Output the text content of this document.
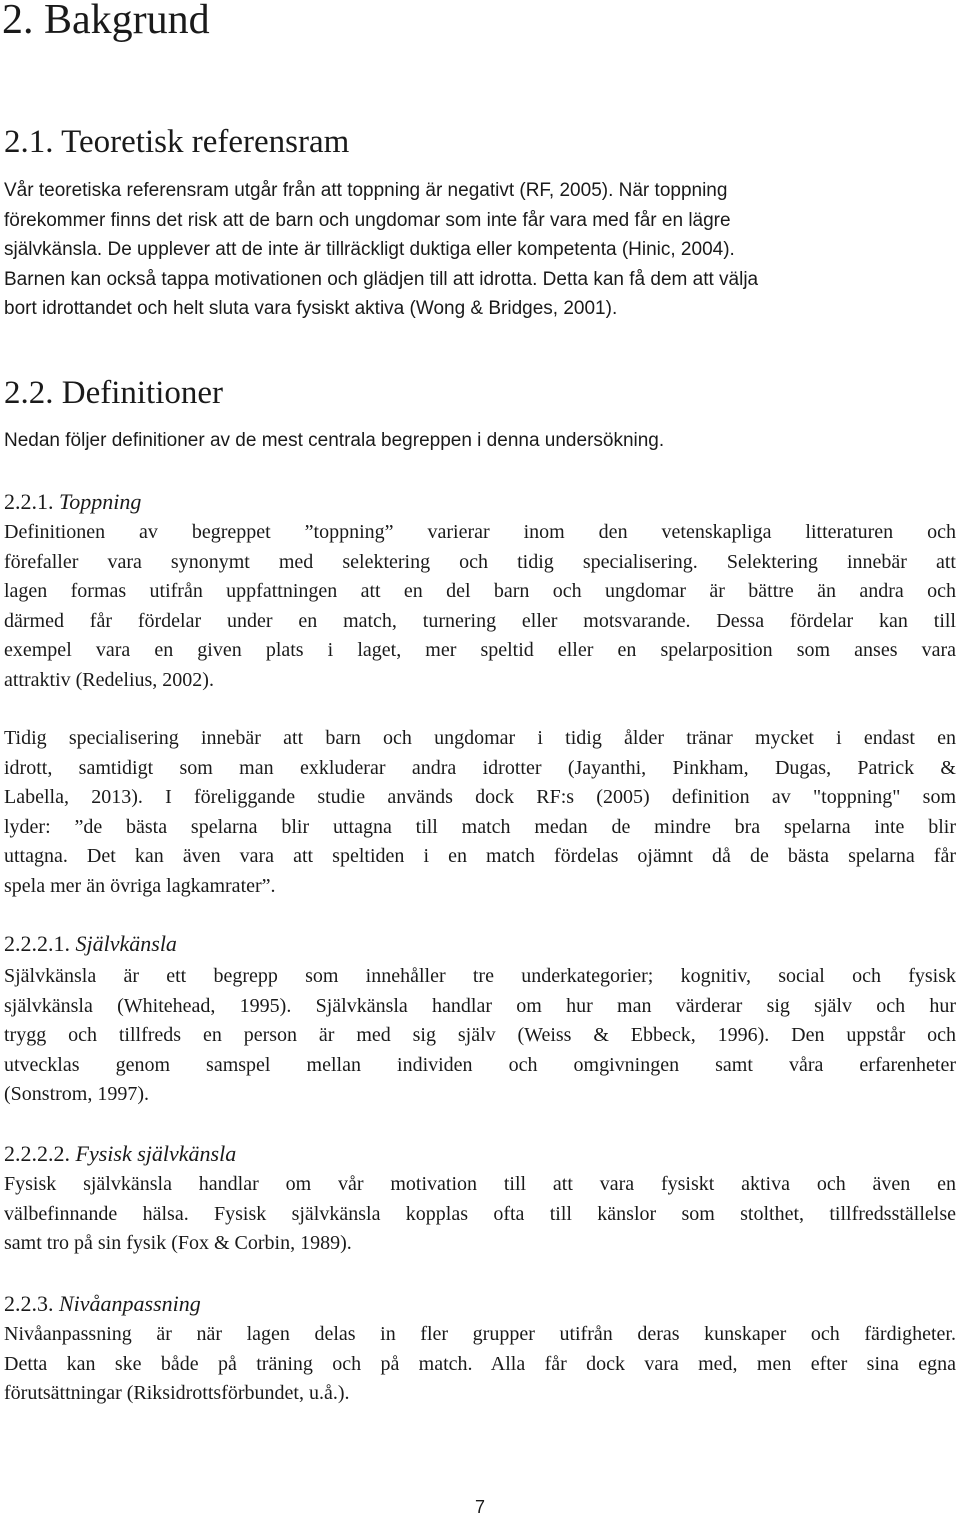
2. Bakgrund
2.1. Teoretisk referensram
Vår teoretiska referensram utgår från att toppning är negativt (RF, 2005). När toppning
förekommer finns det risk att de barn och ungdomar som inte får vara med får en lägre
självkänsla. De upplever att de inte är tillräckligt duktiga eller kompetenta (Hinic, 2004).
Barnen kan också tappa motivationen och glädjen till att idrotta. Detta kan få dem att välja
bort idrottandet och helt sluta vara fysiskt aktiva (Wong & Bridges, 2001).
2.2. Definitioner
Nedan följer definitioner av de mest centrala begreppen i denna undersökning.
2.2.1. Toppning
Definitionen av begreppet ”toppning” varierar inom den vetenskapliga litteraturen och
förefaller vara synonymt med selektering och tidig specialisering. Selektering innebär att
lagen formas utifrån uppfattningen att en del barn och ungdomar är bättre än andra och
därmed får fördelar under en match, turnering eller motsvarande. Dessa fördelar kan till
exempel vara en given plats i laget, mer speltid eller en spelarposition som anses vara
attraktiv (Redelius, 2002).
Tidig specialisering innebär att barn och ungdomar i tidig ålder tränar mycket i endast en
idrott, samtidigt som man exkluderar andra idrotter (Jayanthi, Pinkham, Dugas, Patrick &
Labella, 2013). I föreliggande studie används dock RF:s (2005) definition av "toppning" som
lyder: ”de bästa spelarna blir uttagna till match medan de mindre bra spelarna inte blir
uttagna. Det kan även vara att speltiden i en match fördelas ojämnt då de bästa spelarna får
spela mer än övriga lagkamrater”.
2.2.2.1. Självkänsla
Självkänsla är ett begrepp som innehåller tre underkategorier; kognitiv, social och fysisk
självkänsla (Whitehead, 1995). Självkänsla handlar om hur man värderar sig själv och hur
trygg och tillfreds en person är med sig själv (Weiss & Ebbeck, 1996). Den uppstår och
utvecklas genom samspel mellan individen och omgivningen samt våra erfarenheter
(Sonstrom, 1997).
2.2.2.2. Fysisk självkänsla
Fysisk självkänsla handlar om vår motivation till att vara fysiskt aktiva och även en
välbefinnande hälsa. Fysisk självkänsla kopplas ofta till känslor som stolthet, tillfredsställelse
samt tro på sin fysik (Fox & Corbin, 1989).
2.2.3. Nivåanpassning
Nivåanpassning är när lagen delas in fler grupper utifrån deras kunskaper och färdigheter.
Detta kan ske både på träning och på match. Alla får dock vara med, men efter sina egna
förutsättningar (Riksidrottsförbundet, u.å.).

7
